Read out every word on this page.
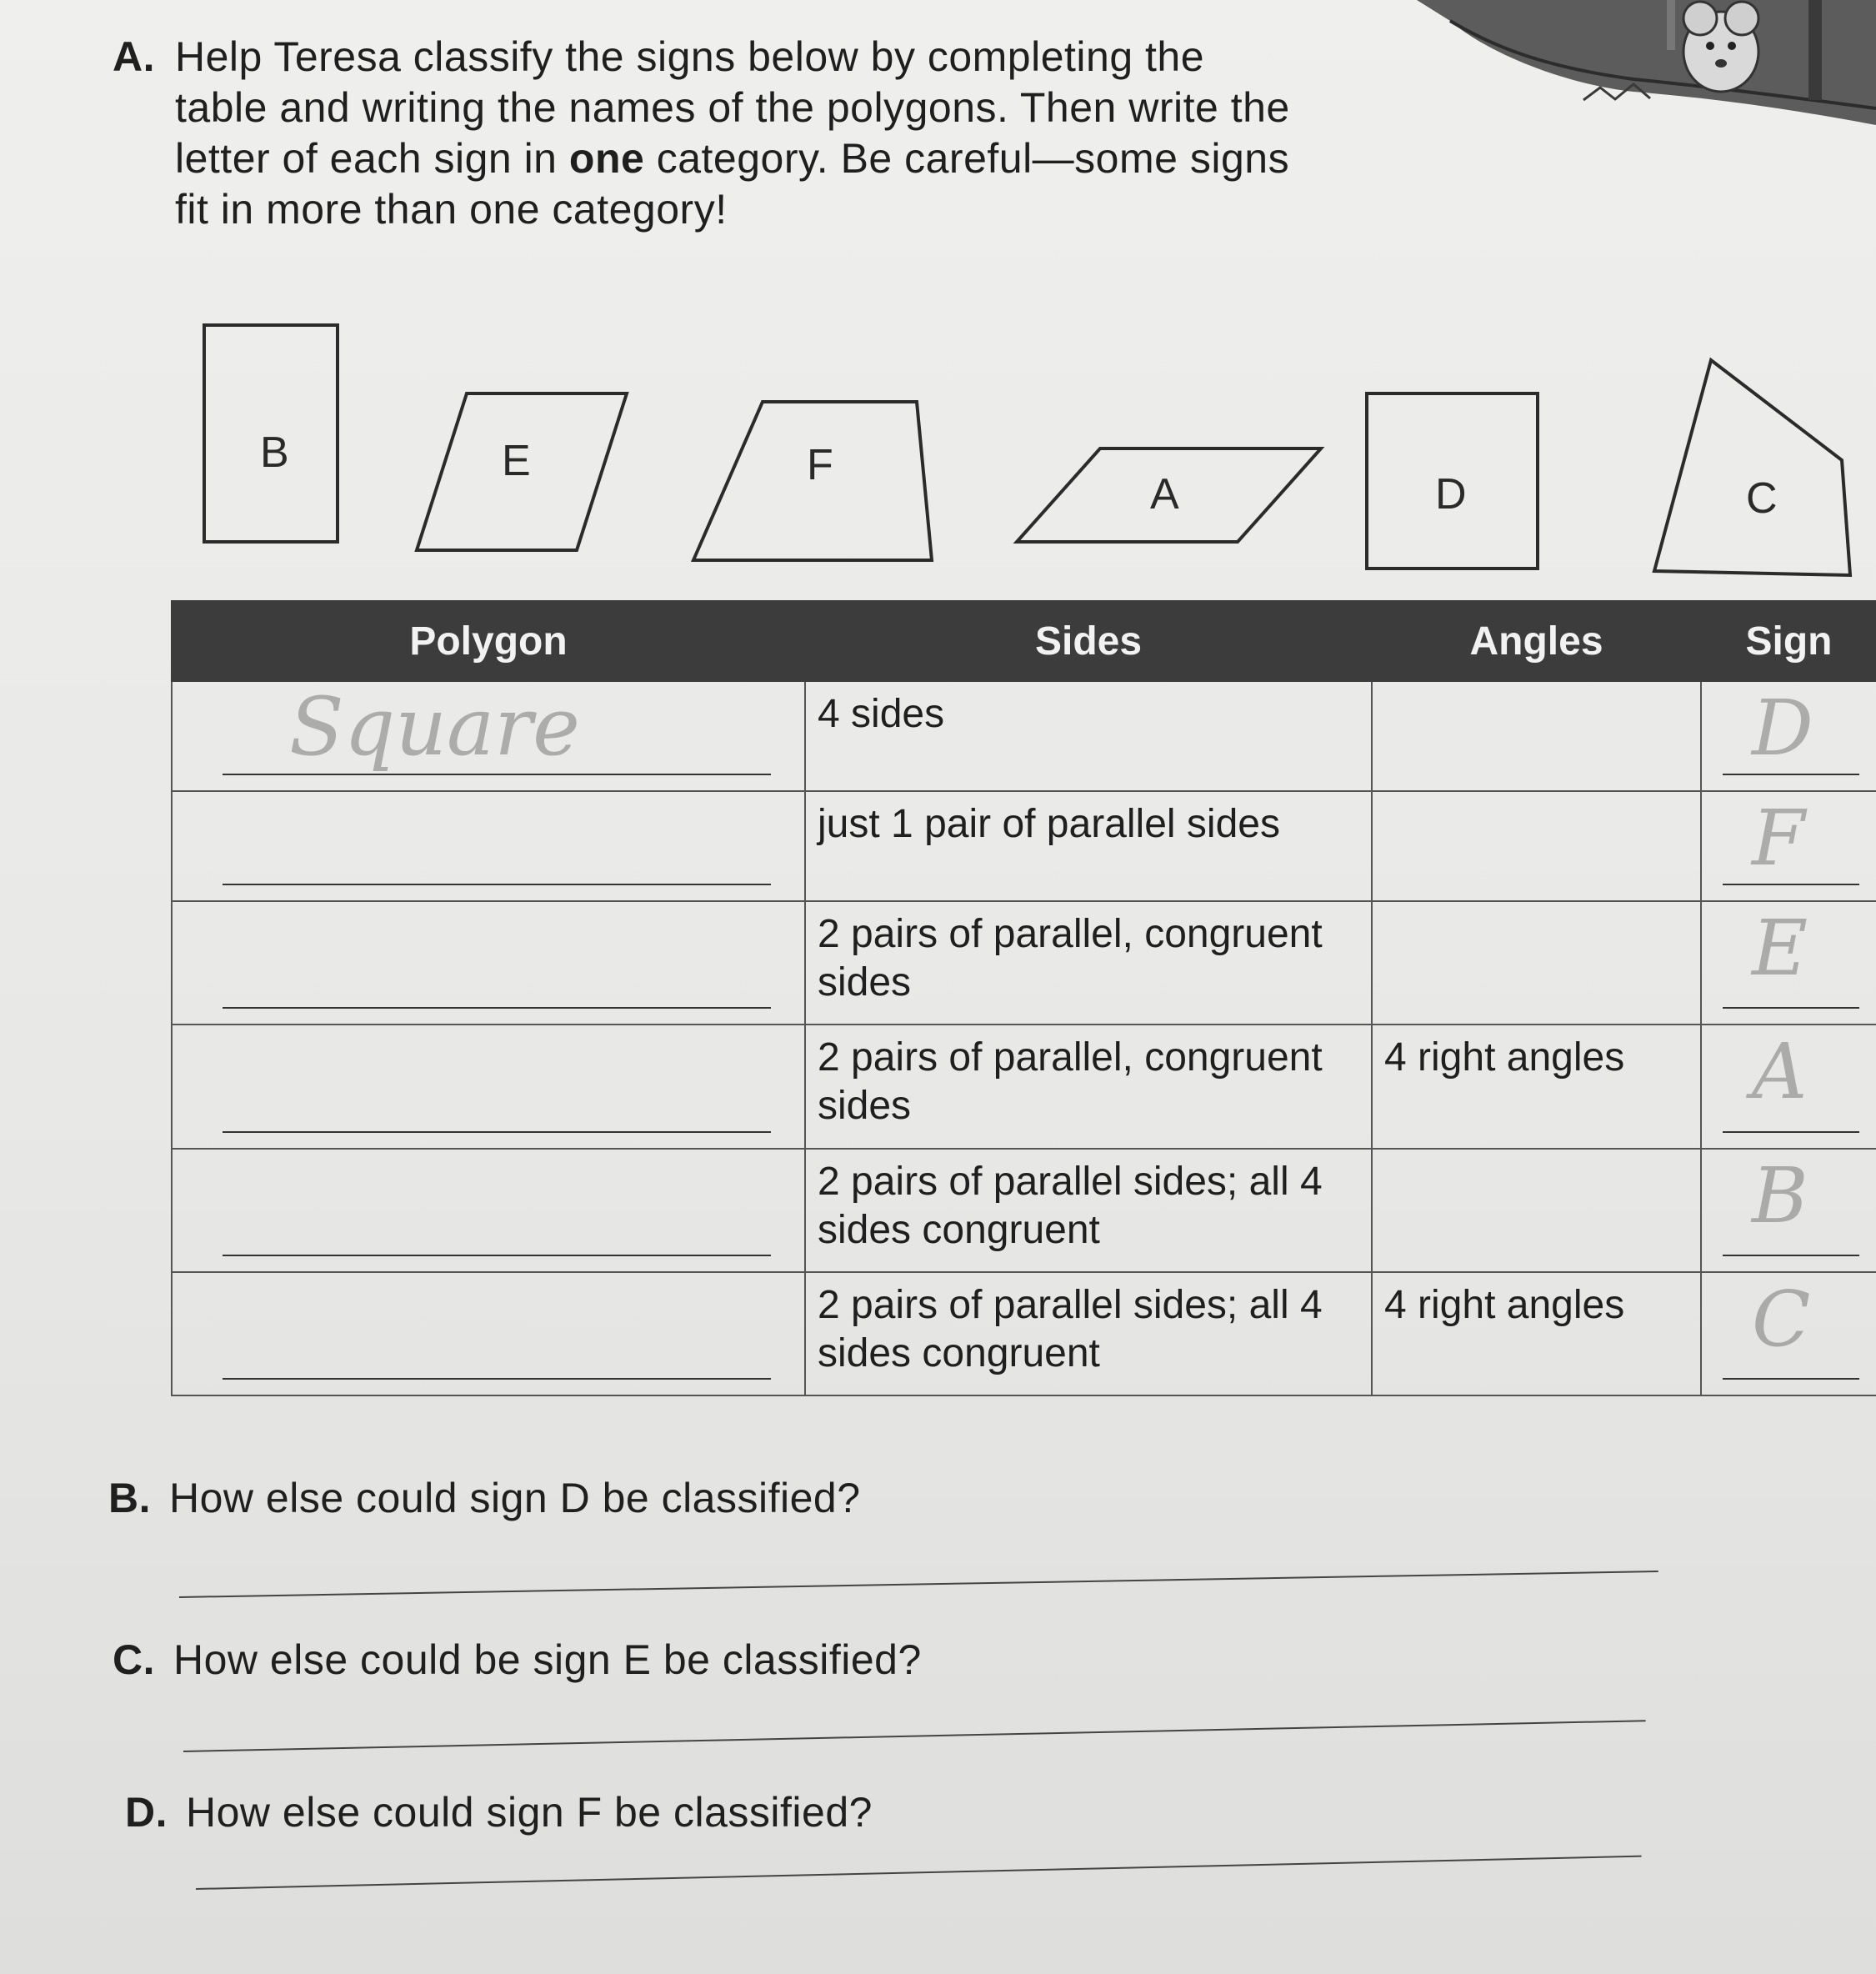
A. Help Teresa classify the signs below by completing the
table and writing the names of the polygons. Then write the
letter of each sign in one category. Be careful—some signs
fit in more than one category!
B	E	F
A	D	C
Polygon	Sides	Angles	Sign

Square	4 sides		D

	just 1 pair of parallel sides		F

	2 pairs of parallel, congruent sides		E

	2 pairs of parallel, congruent sides	4 right angles	A

	2 pairs of parallel sides; all 4 sides congruent		B

	2 pairs of parallel sides; all 4 sides congruent	4 right angles	C
B. How else could sign D be classified?
C. How else could be sign E be classified?
D. How else could sign F be classified?
